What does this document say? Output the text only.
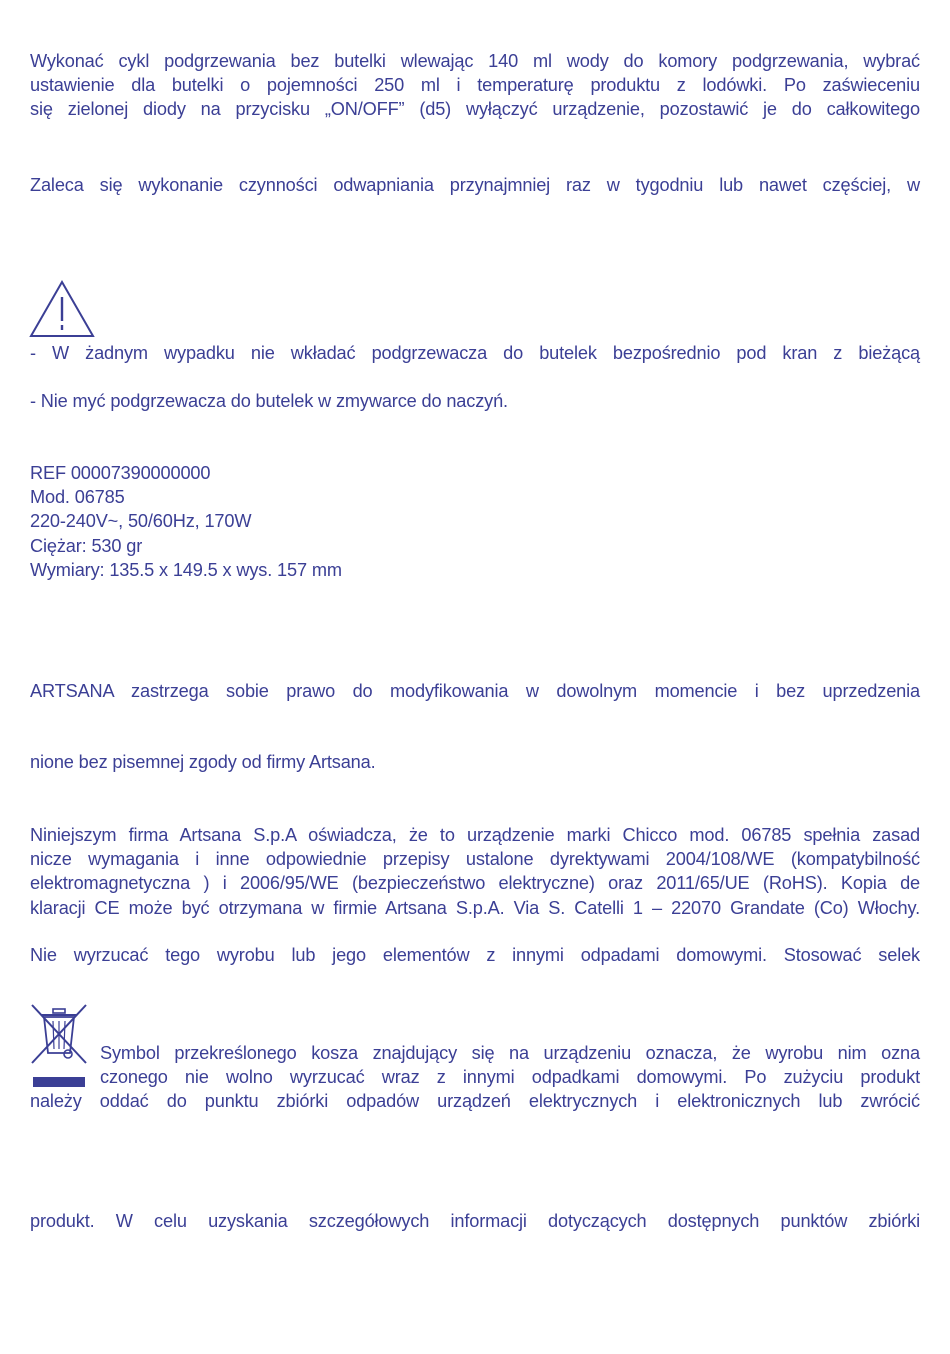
Wykonać cykl podgrzewania bez butelki wlewając 140 ml wody do komory podgrzewania, wybrać
ustawienie dla butelki o pojemności 250 ml i temperaturę produktu z lodówki. Po zaświeceniu
się zielonej diody na przycisku „ON/OFF” (d5) wyłączyć urządzenie, pozostawić je do całkowitego
Zaleca się wykonanie czynności odwapniania przynajmniej raz w tygodniu lub nawet częściej, w
- W żadnym wypadku nie wkładać podgrzewacza do butelek bezpośrednio pod kran z bieżącą
- Nie myć podgrzewacza do butelek w zmywarce do naczyń.
REF 00007390000000
Mod. 06785
220-240V~, 50/60Hz, 170W
Ciężar: 530 gr
Wymiary: 135.5 x 149.5 x wys. 157 mm
ARTSANA zastrzega sobie prawo do modyfikowania w dowolnym momencie i bez uprzedzenia
nione bez pisemnej zgody od firmy Artsana.
Niniejszym firma Artsana S.p.A oświadcza, że to urządzenie marki Chicco mod. 06785 spełnia zasad
nicze wymagania i inne odpowiednie przepisy ustalone dyrektywami 2004/108/WE (kompatybilność
elektromagnetyczna ) i 2006/95/WE (bezpieczeństwo elektryczne) oraz 2011/65/UE (RoHS). Kopia de
klaracji CE może być otrzymana w firmie Artsana S.p.A. Via S. Catelli 1 – 22070 Grandate (Co) Włochy.
Nie wyrzucać tego wyrobu lub jego elementów z innymi odpadami domowymi. Stosować selek
Symbol przekreślonego kosza znajdujący się na urządzeniu oznacza, że wyrobu nim ozna
czonego nie wolno wyrzucać wraz z innymi odpadkami domowymi. Po zużyciu produkt
należy oddać do punktu zbiórki odpadów urządzeń elektrycznych i elektronicznych lub zwrócić
produkt. W celu uzyskania szczegółowych informacji dotyczących dostępnych punktów zbiórki
